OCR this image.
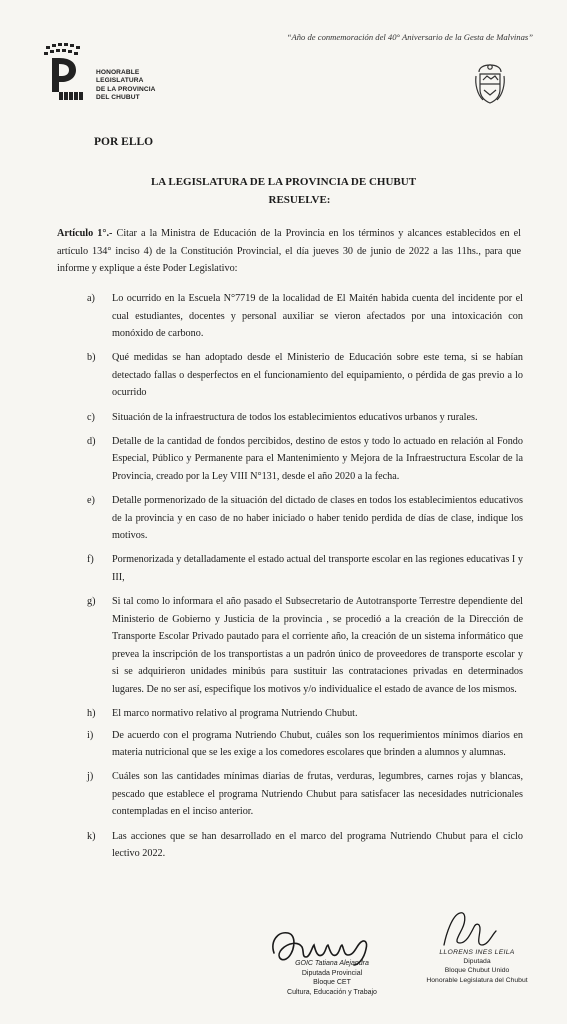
“Año de conmemoración del 40° Aniversario de la Gesta de Malvinas”
HONORABLE
LEGISLATURA
DE LA PROVINCIA
DEL CHUBUT
POR ELLO
LA LEGISLATURA DE LA PROVINCIA DE CHUBUT
RESUELVE:
Artículo 1°.- Citar a la Ministra de Educación de la Provincia en los términos y alcances establecidos en el artículo 134° inciso 4) de la Constitución Provincial, el día jueves 30 de junio de 2022 a las 11hs., para que informe y explique a éste Poder Legislativo:
a) Lo ocurrido en la Escuela N°7719 de la localidad de El Maitén habida cuenta del incidente por el cual estudiantes, docentes y personal auxiliar se vieron afectados por una intoxicación con monóxido de carbono.
b) Qué medidas se han adoptado desde el Ministerio de Educación sobre este tema, si se habían detectado fallas o desperfectos en el funcionamiento del equipamiento, o pérdida de gas previo a lo ocurrido
c) Situación de la infraestructura de todos los establecimientos educativos urbanos y rurales.
d) Detalle de la cantidad de fondos percibidos, destino de estos y todo lo actuado en relación al Fondo Especial, Público y Permanente para el Mantenimiento y Mejora de la Infraestructura Escolar de la Provincia, creado por la Ley VIII N°131, desde el año 2020 a la fecha.
e) Detalle pormenorizado de la situación del dictado de clases en todos los establecimientos educativos de la provincia y en caso de no haber iniciado o haber tenido perdida de días de clase, indique los motivos.
f) Pormenorizada y detalladamente el estado actual del transporte escolar en las regiones educativas I y III,
g) Si tal como lo informara el año pasado el Subsecretario de Autotransporte Terrestre dependiente del Ministerio de Gobierno y Justicia de la provincia , se procedió a la creación de la Dirección de Transporte Escolar Privado pautado para el corriente año, la creación de un sistema informático que prevea la inscripción de los transportistas a un padrón único de proveedores de transporte escolar y si se adquirieron unidades minibús para sustituir las contrataciones privadas en determinados lugares. De no ser así, especifique los motivos y/o individualice el estado de avance de los mismos.
h) El marco normativo relativo al programa Nutriendo Chubut.
i) De acuerdo con el programa Nutriendo Chubut, cuáles son los requerimientos mínimos diarios en materia nutricional que se les exige a los comedores escolares que brinden a alumnos y alumnas.
j) Cuáles son las cantidades mínimas diarias de frutas, verduras, legumbres, carnes rojas y blancas, pescado que establece el programa Nutriendo Chubut para satisfacer las necesidades nutricionales contempladas en el inciso anterior.
k) Las acciones que se han desarrollado en el marco del programa Nutriendo Chubut para el ciclo lectivo 2022.
GOIC Tatiana Alejandra
Diputada Provincial
Bloque CET
Cultura, Educación y Trabajo
LLORENS INES LEILA
Diputada
Bloque Chubut Unido
Honorable Legislatura del Chubut
